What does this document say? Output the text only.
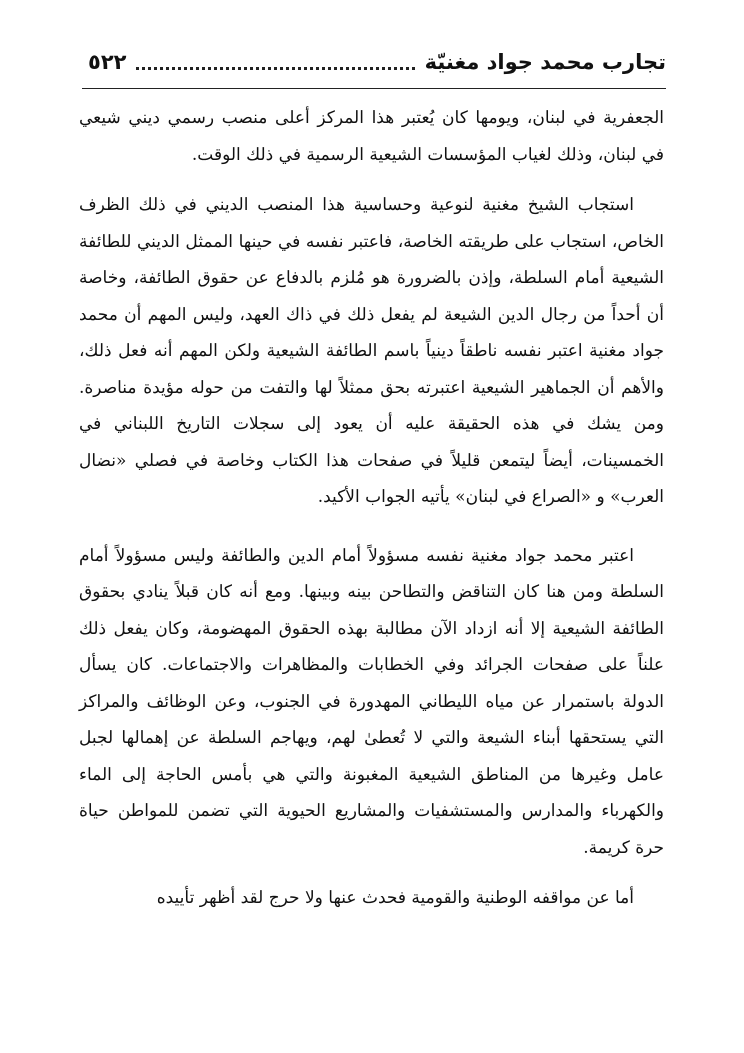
تجارب محمد جواد مغنيّة
٥٢٢

الجعفرية في لبنان، ويومها كان يُعتبر هذا المركز أعلى منصب رسمي ديني شيعي في لبنان، وذلك لغياب المؤسسات الشيعية الرسمية في ذلك الوقت.

استجاب الشيخ مغنية لنوعية وحساسية هذا المنصب الديني في ذلك الظرف الخاص، استجاب على طريقته الخاصة، فاعتبر نفسه في حينها الممثل الديني للطائفة الشيعية أمام السلطة، وإذن بالضرورة هو مُلزم بالدفاع عن حقوق الطائفة، وخاصة أن أحداً من رجال الدين الشيعة لم يفعل ذلك في ذاك العهد، وليس المهم أن محمد جواد مغنية اعتبر نفسه ناطقاً دينياً باسم الطائفة الشيعية ولكن المهم أنه فعل ذلك، والأهم أن الجماهير الشيعية اعتبرته بحق ممثلاً لها والتفت من حوله مؤيدة مناصرة. ومن يشك في هذه الحقيقة عليه أن يعود إلى سجلات التاريخ اللبناني في الخمسينات، أيضاً ليتمعن قليلاً في صفحات هذا الكتاب وخاصة في فصلي «نضال العرب» و «الصراع في لبنان» يأتيه الجواب الأكيد.

اعتبر محمد جواد مغنية نفسه مسؤولاً أمام الدين والطائفة وليس مسؤولاً أمام السلطة ومن هنا كان التناقض والتطاحن بينه وبينها. ومع أنه كان قبلاً ينادي بحقوق الطائفة الشيعية إلا أنه ازداد الآن مطالبة بهذه الحقوق المهضومة، وكان يفعل ذلك علناً على صفحات الجرائد وفي الخطابات والمظاهرات والاجتماعات. كان يسأل الدولة باستمرار عن مياه الليطاني المهدورة في الجنوب، وعن الوظائف والمراكز التي يستحقها أبناء الشيعة والتي لا تُعطىٰ لهم، ويهاجم السلطة عن إهمالها لجبل عامل وغيرها من المناطق الشيعية المغبونة والتي هي بأمس الحاجة إلى الماء والكهرباء والمدارس والمستشفيات والمشاريع الحيوية التي تضمن للمواطن حياة حرة كريمة.

أما عن مواقفه الوطنية والقومية فحدث عنها ولا حرج لقد أظهر تأييده
